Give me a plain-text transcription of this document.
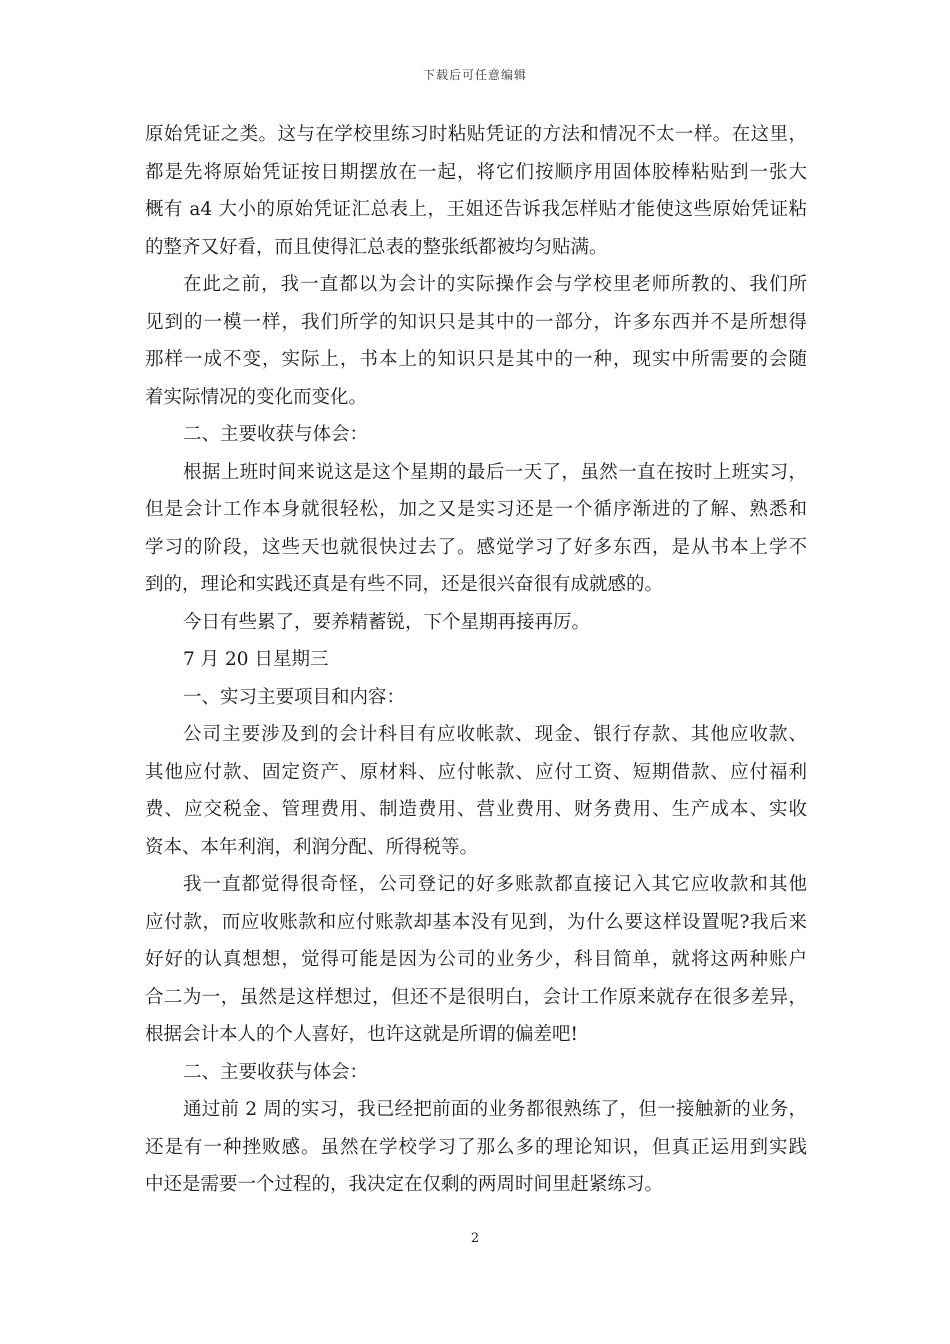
下载后可任意编辑
原始凭证之类。这与在学校里练习时粘贴凭证的方法和情况不太一样。在这里，
都是先将原始凭证按日期摆放在一起，将它们按顺序用固体胶棒粘贴到一张大
概有 a4 大小的原始凭证汇总表上，王姐还告诉我怎样贴才能使这些原始凭证粘
的整齐又好看，而且使得汇总表的整张纸都被均匀贴满。
在此之前，我一直都以为会计的实际操作会与学校里老师所教的、我们所
见到的一模一样，我们所学的知识只是其中的一部分，许多东西并不是所想得
那样一成不变，实际上，书本上的知识只是其中的一种，现实中所需要的会随
着实际情况的变化而变化。
二、主要收获与体会：
根据上班时间来说这是这个星期的最后一天了，虽然一直在按时上班实习，
但是会计工作本身就很轻松，加之又是实习还是一个循序渐进的了解、熟悉和
学习的阶段，这些天也就很快过去了。感觉学习了好多东西，是从书本上学不
到的，理论和实践还真是有些不同，还是很兴奋很有成就感的。
今日有些累了，要养精蓄锐，下个星期再接再厉。
7 月 20 日星期三
一、实习主要项目和内容：
公司主要涉及到的会计科目有应收帐款、现金、银行存款、其他应收款、
其他应付款、固定资产、原材料、应付帐款、应付工资、短期借款、应付福利
费、应交税金、管理费用、制造费用、营业费用、财务费用、生产成本、实收
资本、本年利润，利润分配、所得税等。
我一直都觉得很奇怪，公司登记的好多账款都直接记入其它应收款和其他
应付款，而应收账款和应付账款却基本没有见到，为什么要这样设置呢?我后来
好好的认真想想，觉得可能是因为公司的业务少，科目简单，就将这两种账户
合二为一，虽然是这样想过，但还不是很明白，会计工作原来就存在很多差异，
根据会计本人的个人喜好，也许这就是所谓的偏差吧!
二、主要收获与体会：
通过前 2 周的实习，我已经把前面的业务都很熟练了，但一接触新的业务，
还是有一种挫败感。虽然在学校学习了那么多的理论知识，但真正运用到实践
中还是需要一个过程的，我决定在仅剩的两周时间里赶紧练习。
2
